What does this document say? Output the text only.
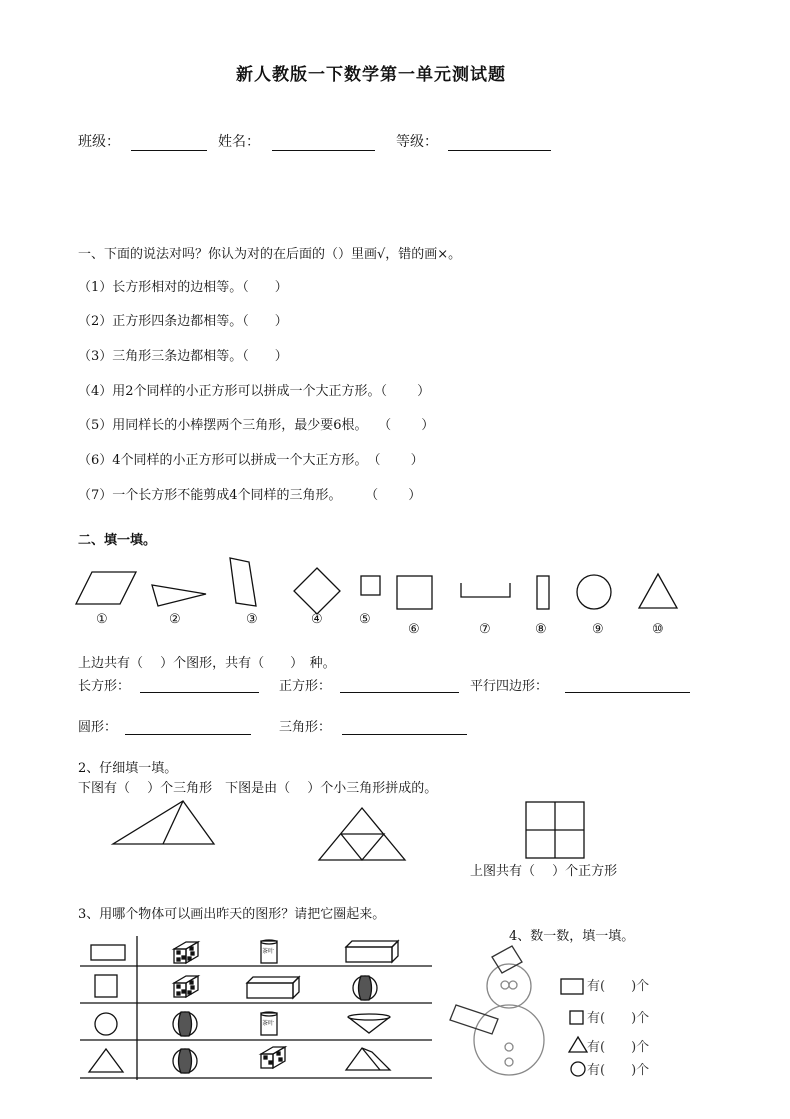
新人教版一下数学第一单元测试题
班级：	姓名：	等级：
一、下面的说法对吗？你认为对的在后面的（）里画√，错的画×。
（1）长方形相对的边相等。（　　）
（2）正方形四条边都相等。（　　）
（3）三角形三条边都相等。（　　）
（4）用2个同样的小正方形可以拼成一个大正方形。（　　 ）
（5）用同样长的小棒摆两个三角形，最少要6根。　 （　　 ）
（6）4个同样的小正方形可以拼成一个大正方形。　（　　 ）
（7）一个长方形不能剪成4个同样的三角形。　　 （　　 ）
二、填一填。
①	②	③	④	⑤
⑥	⑦	⑧	⑨	⑩
上边共有（　 ）个图形，共有（　　）　种。
长方形：	正方形：	平行四边形：
圆形：	三角形：
2、仔细填一填。
下图有（　 ）个三角形　下图是由（　 ）个小三角形拼成的。
上图共有（　 ）个正方形
3、用哪个物体可以画出昨天的图形？请把它圈起来。
茶叶
茶叶
4、数一数，填一填。
有(　　)个
有(　　)个
有(　　)个
有(　　)个
